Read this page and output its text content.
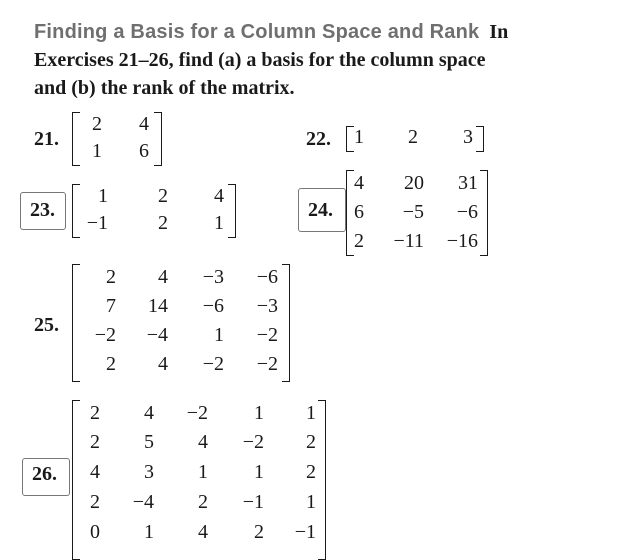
Finding a Basis for a Column Space and Rank In
Exercises 21–26, find (a) a basis for the column space
and (b) the rank of the matrix.
21.
2	4
1	6
22.	1	2	3
23.
1	2	4
−1	2	1
24.
4	20	31
6	−5	−6
2	−11	−16
25.
2	4	−3	−6
7	14	−6	−3
−2	−4	1	−2
2	4	−2	−2
26.
2	4	−2	1	1
2	5	4	−2	2
4	3	1	1	2
2	−4	2	−1	1
0	1	4	2	−1
